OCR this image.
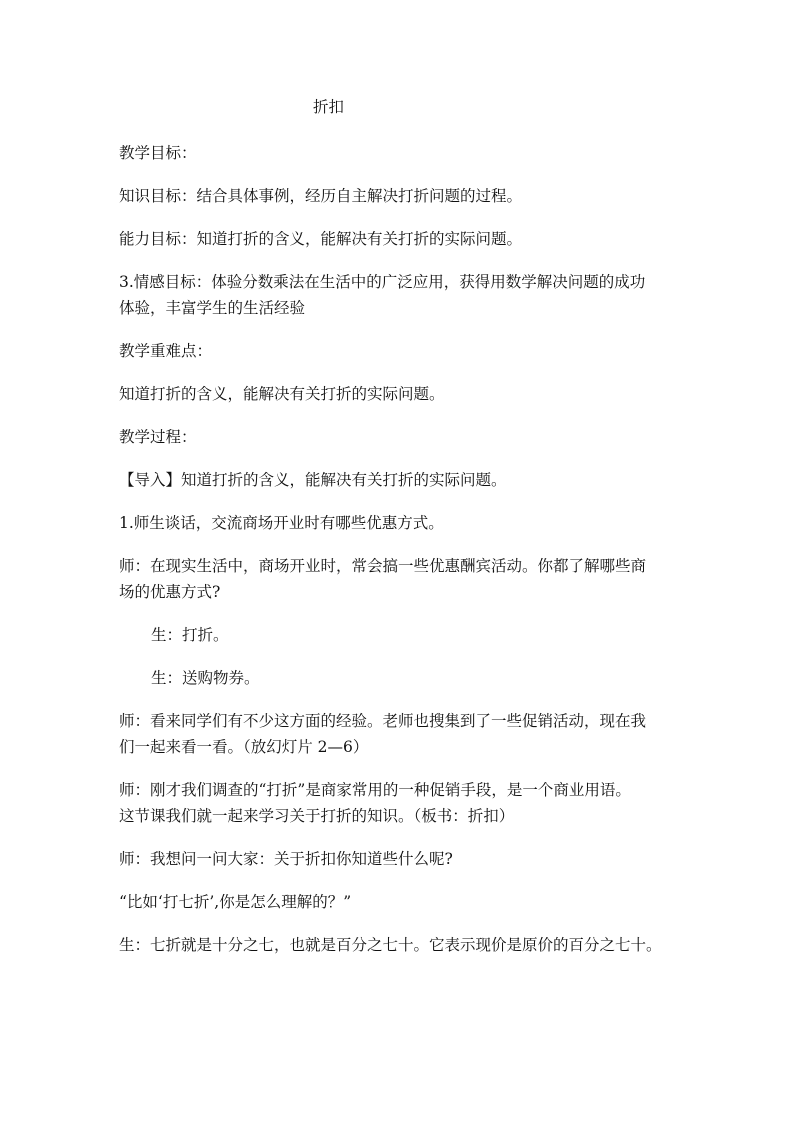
折扣
教学目标：
知识目标：结合具体事例，经历自主解决打折问题的过程。
能力目标：知道打折的含义，能解决有关打折的实际问题。
3.情感目标：体验分数乘法在生活中的广泛应用，获得用数学解决问题的成功
体验，丰富学生的生活经验
教学重难点：
知道打折的含义，能解决有关打折的实际问题。
教学过程：
【导入】知道打折的含义，能解决有关打折的实际问题。
1.师生谈话，交流商场开业时有哪些优惠方式。
师：在现实生活中，商场开业时，常会搞一些优惠酬宾活动。你都了解哪些商
场的优惠方式?
生：打折。
生：送购物券。
师：看来同学们有不少这方面的经验。老师也搜集到了一些促销活动，现在我
们一起来看一看。（放幻灯片 2—6）
师：刚才我们调查的“打折”是商家常用的一种促销手段，是一个商业用语。
这节课我们就一起来学习关于打折的知识。（板书：折扣）
师：我想问一问大家：关于折扣你知道些什么呢?
“比如‘打七折’,你是怎么理解的？”
生：七折就是十分之七，也就是百分之七十。它表示现价是原价的百分之七十。
